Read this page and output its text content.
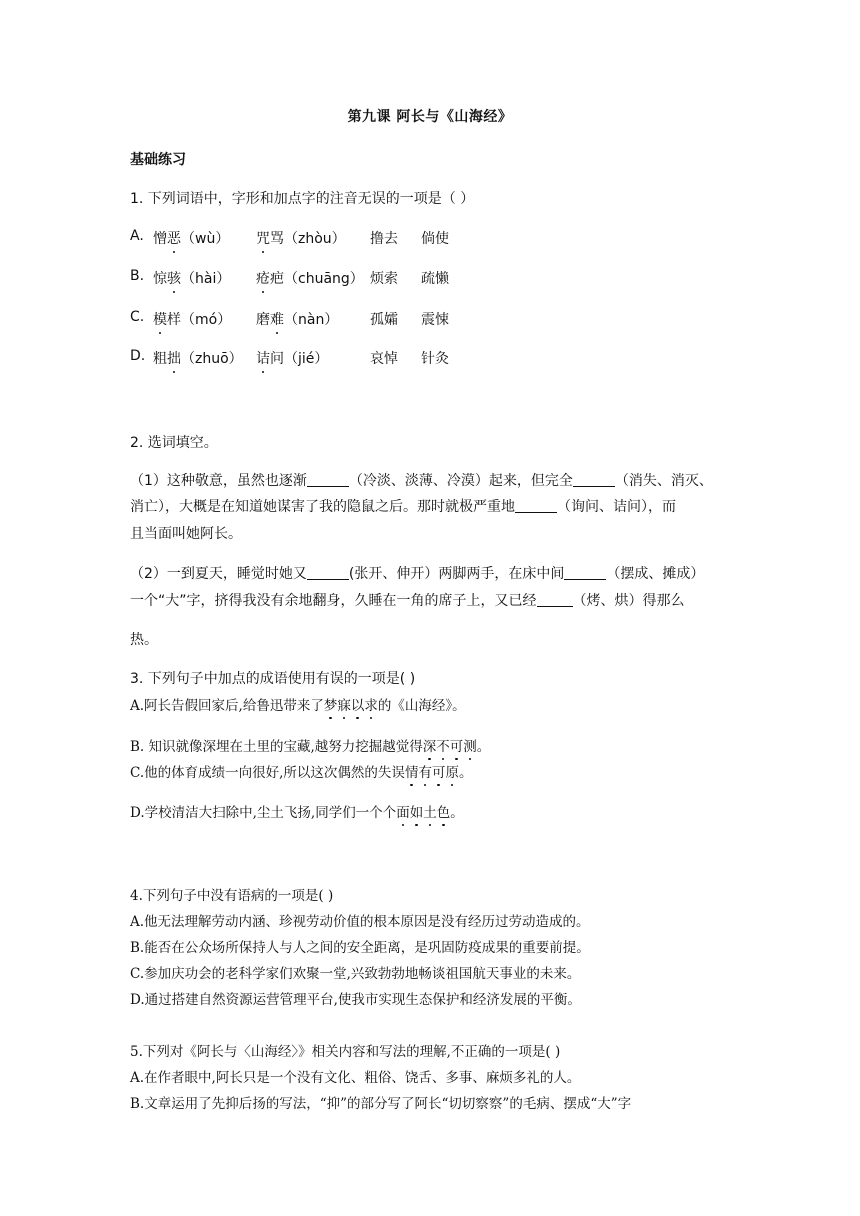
第九课 阿长与《山海经》
基础练习
1. 下列词语中，字形和加点字的注音无误的一项是（ ）
A. 憎恶（wù） 咒骂（zhòu） 撸去 倘使
B. 惊骇（hài） 疮疤（chuāng） 烦索 疏懒
C. 模样（mó） 磨难（nàn） 孤孀 震悚
D. 粗拙（zhuō） 诘问（jié）	哀悼 针灸
2. 选词填空。
（1）这种敬意，虽然也逐渐	（冷淡、淡薄、冷漠）起来，但完全	（消失、消灭、
消亡），大概是在知道她谋害了我的隐鼠之后。那时就极严重地	（询问、诘问），而
且当面叫她阿长。
（2）一到夏天，睡觉时她又	(张开、伸开）两脚两手，在床中间	（摆成、摊成）
一个“大”字，挤得我没有余地翻身，久睡在一角的席子上，又已经	（烤、烘）得那么
热。
3. 下列句子中加点的成语使用有误的一项是( )
A.阿长告假回家后,给鲁迅带来了梦寐以求的《山海经》。
B. 知识就像深埋在土里的宝藏,越努力挖掘越觉得深不可测。
C.他的体育成绩一向很好,所以这次偶然的失误情有可原。
D.学校清洁大扫除中,尘土飞扬,同学们一个个面如土色。
4.下列句子中没有语病的一项是( )
A.他无法理解劳动内涵、珍视劳动价值的根本原因是没有经历过劳动造成的。
B.能否在公众场所保持人与人之间的安全距离，是巩固防疫成果的重要前提。
C.参加庆功会的老科学家们欢聚一堂,兴致勃勃地畅谈祖国航天事业的未来。
D.通过搭建自然资源运营管理平台,使我市实现生态保护和经济发展的平衡。
5.下列对《阿长与〈山海经〉》相关内容和写法的理解,不正确的一项是( )
A.在作者眼中,阿长只是一个没有文化、粗俗、饶舌、多事、麻烦多礼的人。
B.文章运用了先抑后扬的写法，“抑”的部分写了阿长“切切察察”的毛病、摆成“大”字
